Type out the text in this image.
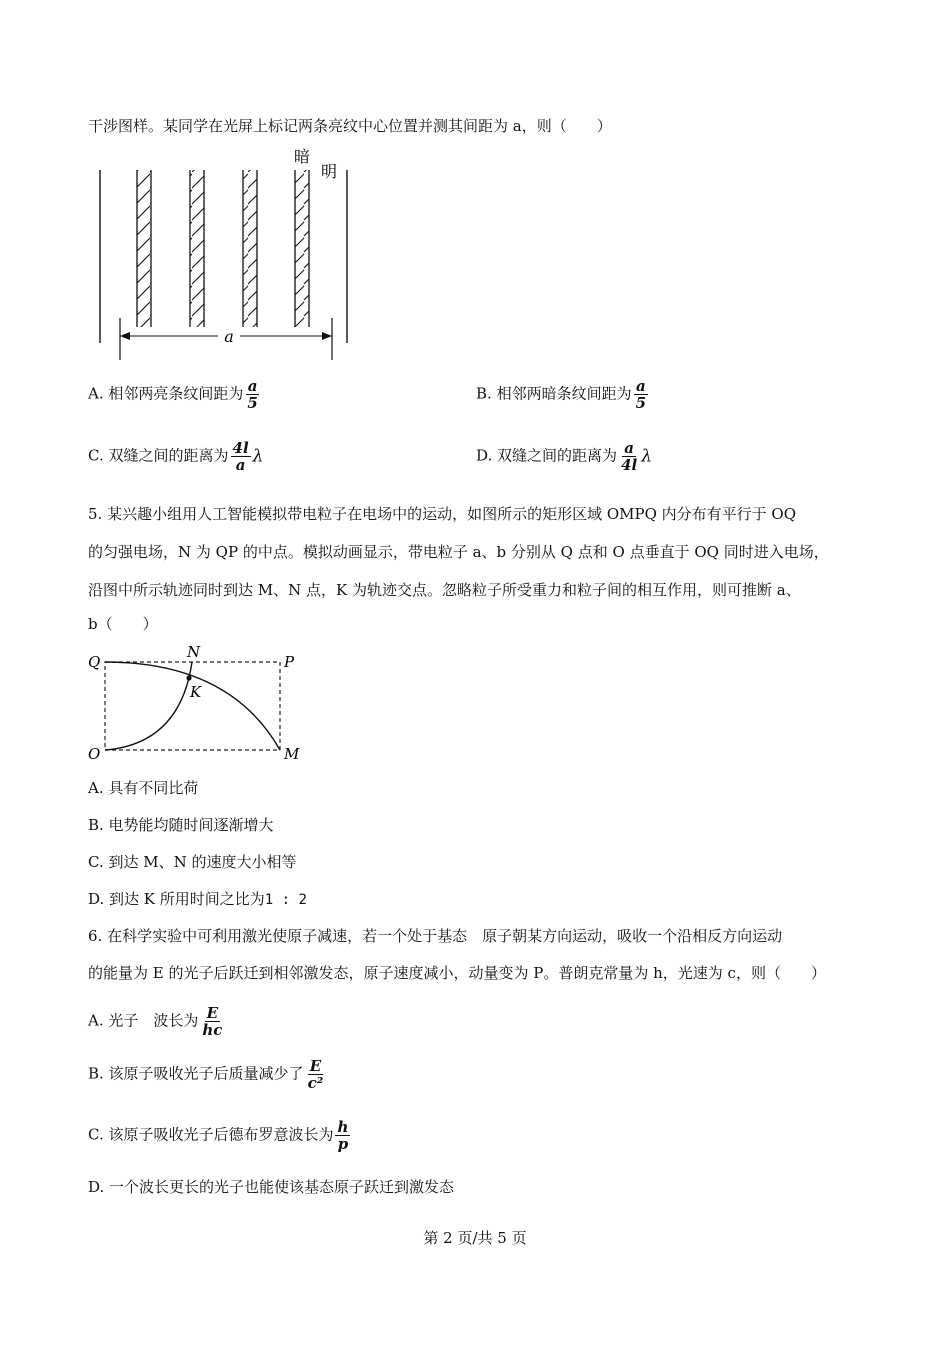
干涉图样。某同学在光屏上标记两条亮纹中心位置并测其间距为 a，则（　　）
a
暗
明
A. 相邻两亮条纹间距为 $\frac{a}{5}$	B. 相邻两暗条纹间距为 $\frac{a}{5}$
C. 双缝之间的距离为 $\frac{4l}{a}$ λ	D. 双缝之间的距离为 $\frac{a}{4l}$ λ
5. 某兴趣小组用人工智能模拟带电粒子在电场中的运动，如图所示的矩形区域 OMPQ 内分布有平行于 OQ
的匀强电场，N 为 QP 的中点。模拟动画显示，带电粒子 a、b 分别从 Q 点和 O 点垂直于 OQ 同时进入电场，
沿图中所示轨迹同时到达 M、N 点，K 为轨迹交点。忽略粒子所受重力和粒子间的相互作用，则可推断 a、
b（　　）
Q
N
P
K
O	M
A. 具有不同比荷
B. 电势能均随时间逐渐增大
C. 到达 M、N 的速度大小相等
D. 到达 K 所用时间之比为1 : 2
6. 在科学实验中可利用激光使原子减速，若一个处于基态　原子朝某方向运动，吸收一个沿相反方向运动
的能量为 E 的光子后跃迁到相邻激发态，原子速度减小，动量变为 P。普朗克常量为 h，光速为 c，则（　　）
A. 光子　波长为 $\frac{E}{hc}$
B. 该原子吸收光子后质量减少了 $\frac{E}{\text{c²}}$
C. 该原子吸收光子后德布罗意波长为 $\frac{h}{p}$
D. 一个波长更长的光子也能使该基态原子跃迁到激发态
第 2 页/共 5 页
